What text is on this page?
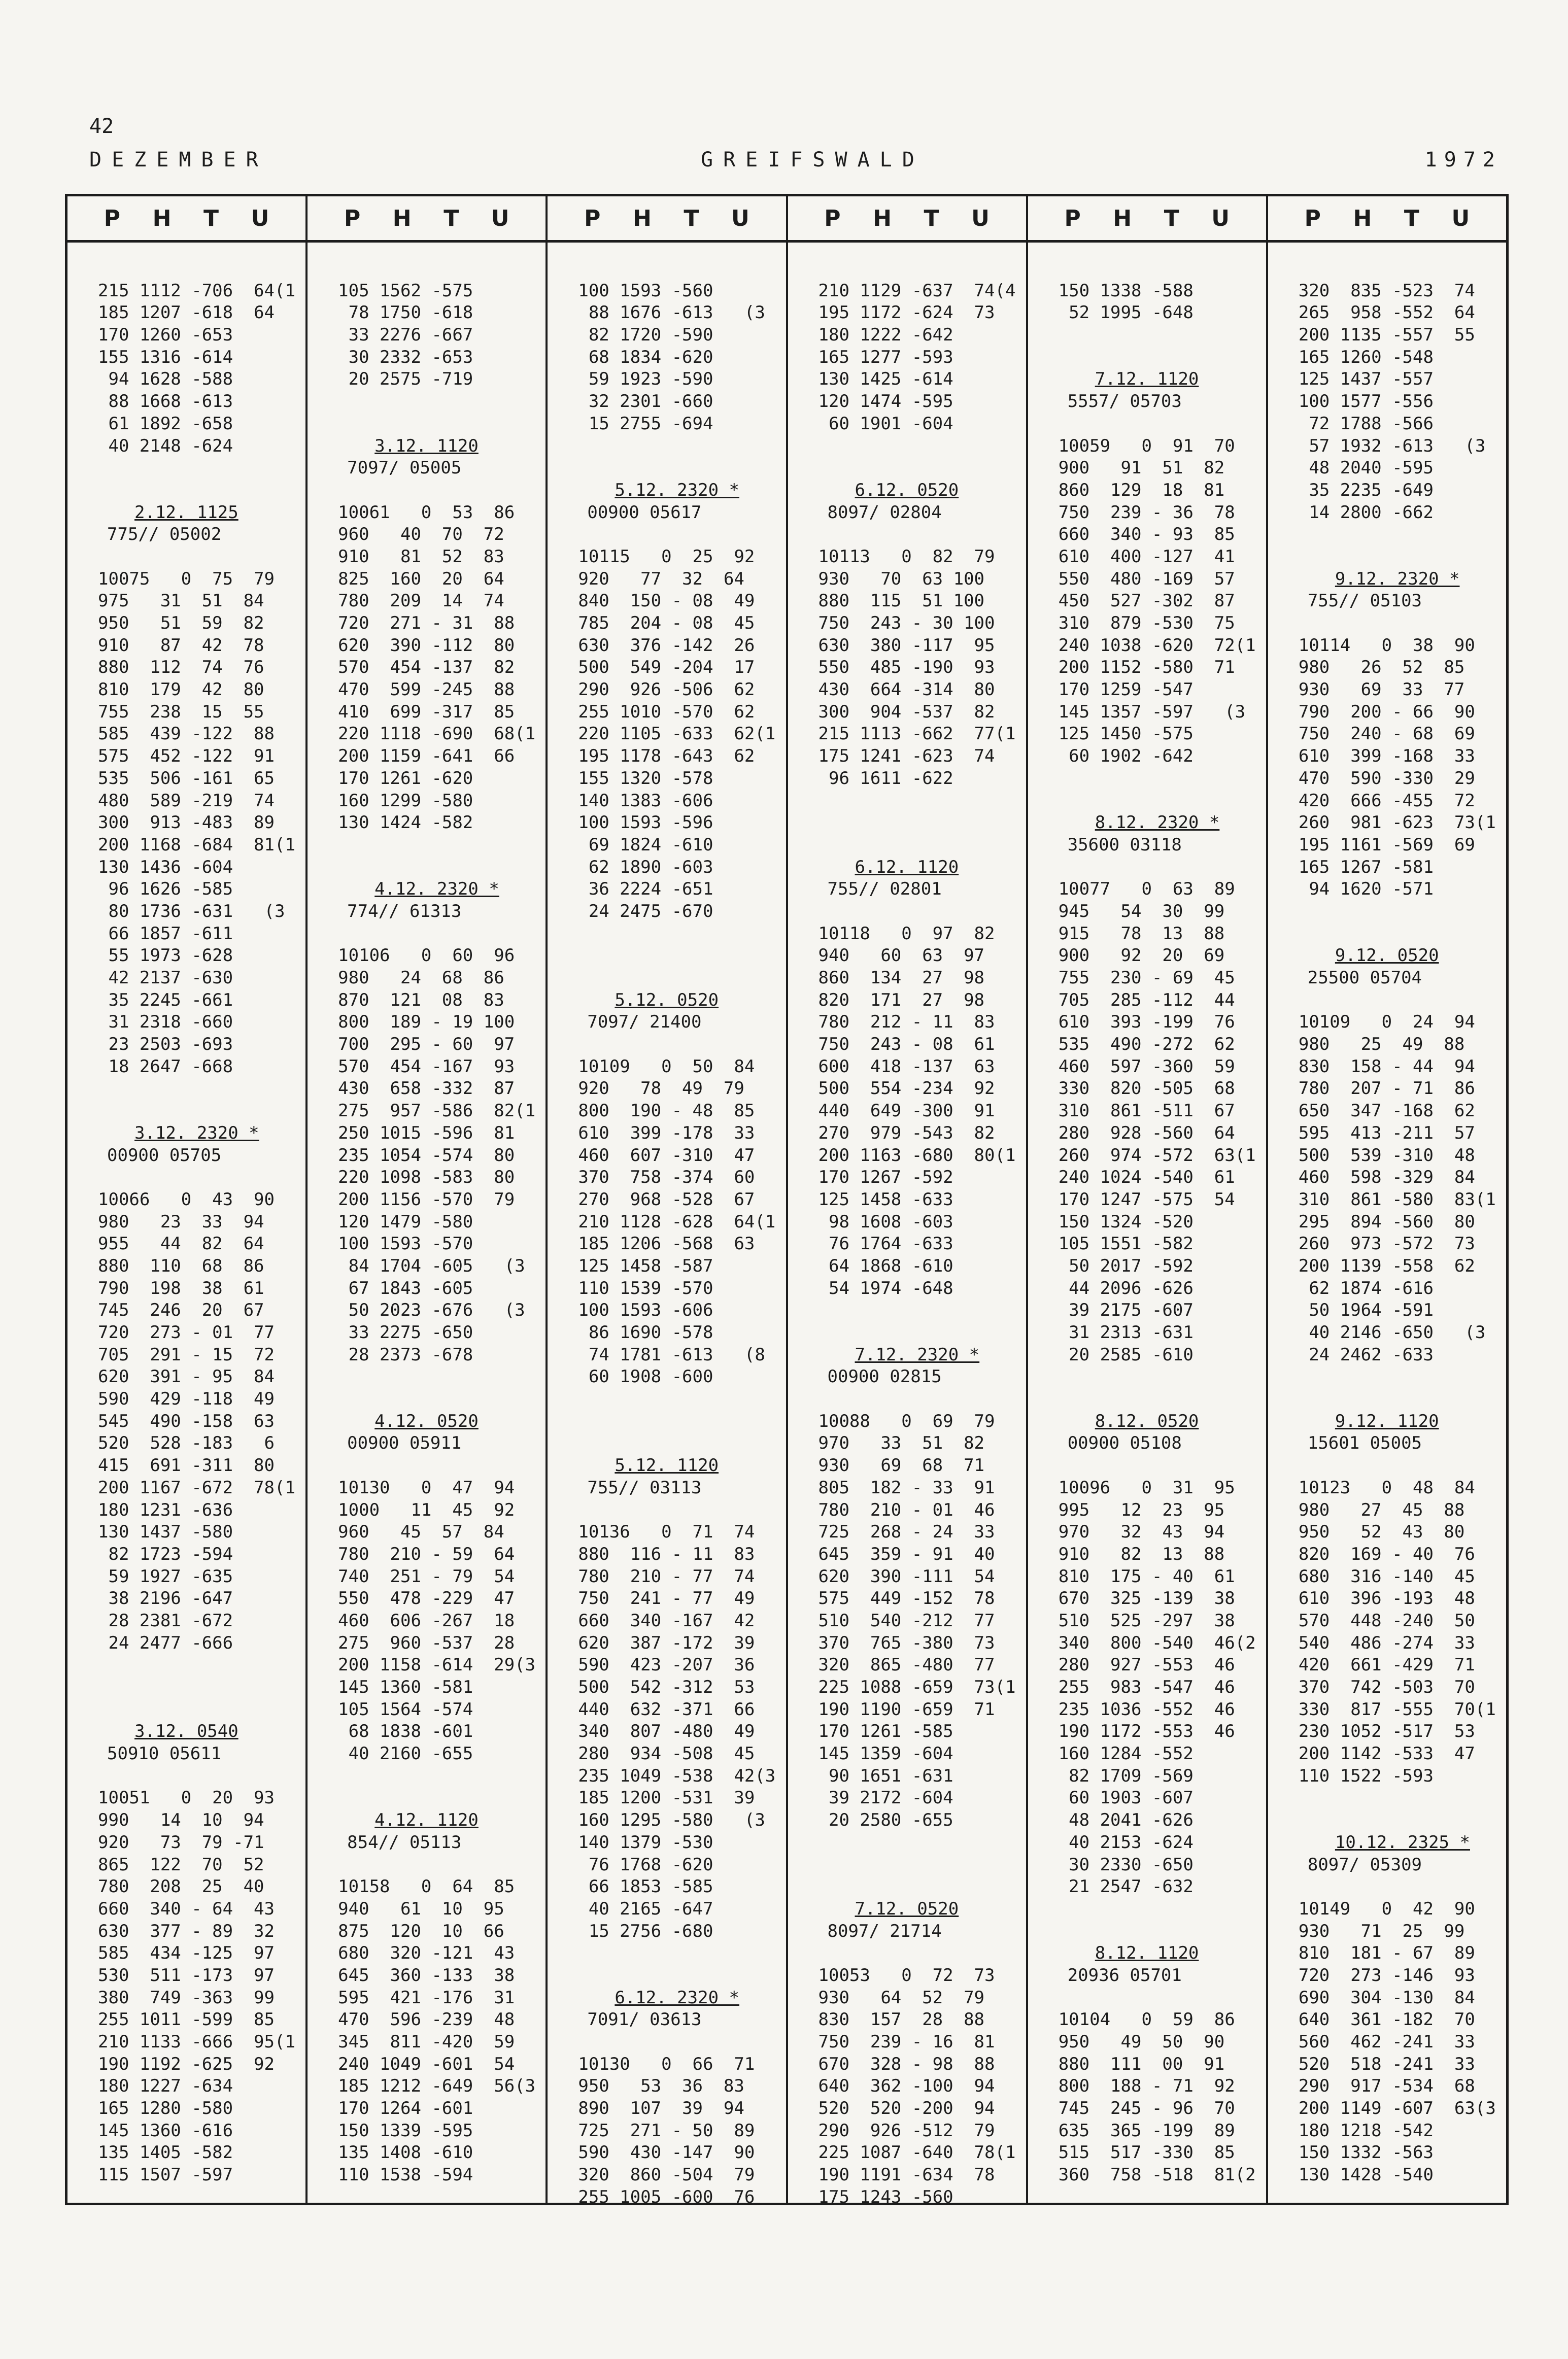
42
DEZEMBER	GREIFSWALD	1972
P H T U
215 1112 -706  64(1
185 1207 -618  64
170 1260 -653
155 1316 -614
94 1628 -588
88 1668 -613
61 1892 -658
40 2148 -624
2.12. 1125
775// 05002
10075   0  75  79
975   31  51  84
950   51  59  82
910   87  42  78
880  112  74  76
810  179  42  80
755  238  15  55
585  439 -122  88
575  452 -122  91
535  506 -161  65
480  589 -219  74
300  913 -483  89
200 1168 -684  81(1
130 1436 -604
96 1626 -585
80 1736 -631   (3
66 1857 -611
55 1973 -628
42 2137 -630
35 2245 -661
31 2318 -660
23 2503 -693
18 2647 -668
3.12. 2320 *
00900 05705
10066   0  43  90
980   23  33  94
955   44  82  64
880  110  68  86
790  198  38  61
745  246  20  67
720  273 - 01  77
705  291 - 15  72
620  391 - 95  84
590  429 -118  49
545  490 -158  63
520  528 -183   6
415  691 -311  80
200 1167 -672  78(1
180 1231 -636
130 1437 -580
82 1723 -594
59 1927 -635
38 2196 -647
28 2381 -672
24 2477 -666
3.12. 0540
50910 05611
10051   0  20  93
990   14  10  94
920   73  79 -71
865  122  70  52
780  208  25  40
660  340 - 64  43
630  377 - 89  32
585  434 -125  97
530  511 -173  97
380  749 -363  99
255 1011 -599  85
210 1133 -666  95(1
190 1192 -625  92
180 1227 -634
165 1280 -580
145 1360 -616
135 1405 -582
115 1507 -597
P H T U
105 1562 -575
78 1750 -618
33 2276 -667
30 2332 -653
20 2575 -719
3.12. 1120
7097/ 05005
10061   0  53  86
960   40  70  72
910   81  52  83
825  160  20  64
780  209  14  74
720  271 - 31  88
620  390 -112  80
570  454 -137  82
470  599 -245  88
410  699 -317  85
220 1118 -690  68(1
200 1159 -641  66
170 1261 -620
160 1299 -580
130 1424 -582
4.12. 2320 *
774// 61313
10106   0  60  96
980   24  68  86
870  121  08  83
800  189 - 19 100
700  295 - 60  97
570  454 -167  93
430  658 -332  87
275  957 -586  82(1
250 1015 -596  81
235 1054 -574  80
220 1098 -583  80
200 1156 -570  79
120 1479 -580
100 1593 -570
84 1704 -605   (3
67 1843 -605
50 2023 -676   (3
33 2275 -650
28 2373 -678
4.12. 0520
00900 05911
10130   0  47  94
1000   11  45  92
960   45  57  84
780  210 - 59  64
740  251 - 79  54
550  478 -229  47
460  606 -267  18
275  960 -537  28
200 1158 -614  29(3
145 1360 -581
105 1564 -574
68 1838 -601
40 2160 -655
4.12. 1120
854// 05113
10158   0  64  85
940   61  10  95
875  120  10  66
680  320 -121  43
645  360 -133  38
595  421 -176  31
470  596 -239  48
345  811 -420  59
240 1049 -601  54
185 1212 -649  56(3
170 1264 -601
150 1339 -595
135 1408 -610
110 1538 -594
P H T U
100 1593 -560
88 1676 -613   (3
82 1720 -590
68 1834 -620
59 1923 -590
32 2301 -660
15 2755 -694
5.12. 2320 *
00900 05617
10115   0  25  92
920   77  32  64
840  150 - 08  49
785  204 - 08  45
630  376 -142  26
500  549 -204  17
290  926 -506  62
255 1010 -570  62
220 1105 -633  62(1
195 1178 -643  62
155 1320 -578
140 1383 -606
100 1593 -596
69 1824 -610
62 1890 -603
36 2224 -651
24 2475 -670
5.12. 0520
7097/ 21400
10109   0  50  84
920   78  49  79
800  190 - 48  85
610  399 -178  33
460  607 -310  47
370  758 -374  60
270  968 -528  67
210 1128 -628  64(1
185 1206 -568  63
125 1458 -587
110 1539 -570
100 1593 -606
86 1690 -578
74 1781 -613   (8
60 1908 -600
5.12. 1120
755// 03113
10136   0  71  74
880  116 - 11  83
780  210 - 77  74
750  241 - 77  49
660  340 -167  42
620  387 -172  39
590  423 -207  36
500  542 -312  53
440  632 -371  66
340  807 -480  49
280  934 -508  45
235 1049 -538  42(3
185 1200 -531  39
160 1295 -580   (3
140 1379 -530
76 1768 -620
66 1853 -585
40 2165 -647
15 2756 -680
6.12. 2320 *
7091/ 03613
10130   0  66  71
950   53  36  83
890  107  39  94
725  271 - 50  89
590  430 -147  90
320  860 -504  79
255 1005 -600  76
P H T U
210 1129 -637  74(4
195 1172 -624  73
180 1222 -642
165 1277 -593
130 1425 -614
120 1474 -595
60 1901 -604
6.12. 0520
8097/ 02804
10113   0  82  79
930   70  63 100
880  115  51 100
750  243 - 30 100
630  380 -117  95
550  485 -190  93
430  664 -314  80
300  904 -537  82
215 1113 -662  77(1
175 1241 -623  74
96 1611 -622
6.12. 1120
755// 02801
10118   0  97  82
940   60  63  97
860  134  27  98
820  171  27  98
780  212 - 11  83
750  243 - 08  61
600  418 -137  63
500  554 -234  92
440  649 -300  91
270  979 -543  82
200 1163 -680  80(1
170 1267 -592
125 1458 -633
98 1608 -603
76 1764 -633
64 1868 -610
54 1974 -648
7.12. 2320 *
00900 02815
10088   0  69  79
970   33  51  82
930   69  68  71
805  182 - 33  91
780  210 - 01  46
725  268 - 24  33
645  359 - 91  40
620  390 -111  54
575  449 -152  78
510  540 -212  77
370  765 -380  73
320  865 -480  77
225 1088 -659  73(1
190 1190 -659  71
170 1261 -585
145 1359 -604
90 1651 -631
39 2172 -604
20 2580 -655
7.12. 0520
8097/ 21714
10053   0  72  73
930   64  52  79
830  157  28  88
750  239 - 16  81
670  328 - 98  88
640  362 -100  94
520  520 -200  94
290  926 -512  79
225 1087 -640  78(1
190 1191 -634  78
175 1243 -560
P H T U
150 1338 -588
52 1995 -648
7.12. 1120
5557/ 05703
10059   0  91  70
900   91  51  82
860  129  18  81
750  239 - 36  78
660  340 - 93  85
610  400 -127  41
550  480 -169  57
450  527 -302  87
310  879 -530  75
240 1038 -620  72(1
200 1152 -580  71
170 1259 -547
145 1357 -597   (3
125 1450 -575
60 1902 -642
8.12. 2320 *
35600 03118
10077   0  63  89
945   54  30  99
915   78  13  88
900   92  20  69
755  230 - 69  45
705  285 -112  44
610  393 -199  76
535  490 -272  62
460  597 -360  59
330  820 -505  68
310  861 -511  67
280  928 -560  64
260  974 -572  63(1
240 1024 -540  61
170 1247 -575  54
150 1324 -520
105 1551 -582
50 2017 -592
44 2096 -626
39 2175 -607
31 2313 -631
20 2585 -610
8.12. 0520
00900 05108
10096   0  31  95
995   12  23  95
970   32  43  94
910   82  13  88
810  175 - 40  61
670  325 -139  38
510  525 -297  38
340  800 -540  46(2
280  927 -553  46
255  983 -547  46
235 1036 -552  46
190 1172 -553  46
160 1284 -552
82 1709 -569
60 1903 -607
48 2041 -626
40 2153 -624
30 2330 -650
21 2547 -632
8.12. 1120
20936 05701
10104   0  59  86
950   49  50  90
880  111  00  91
800  188 - 71  92
745  245 - 96  70
635  365 -199  89
515  517 -330  85
360  758 -518  81(2
P H T U
320  835 -523  74
265  958 -552  64
200 1135 -557  55
165 1260 -548
125 1437 -557
100 1577 -556
72 1788 -566
57 1932 -613   (3
48 2040 -595
35 2235 -649
14 2800 -662
9.12. 2320 *
755// 05103
10114   0  38  90
980   26  52  85
930   69  33  77
790  200 - 66  90
750  240 - 68  69
610  399 -168  33
470  590 -330  29
420  666 -455  72
260  981 -623  73(1
195 1161 -569  69
165 1267 -581
94 1620 -571
9.12. 0520
25500 05704
10109   0  24  94
980   25  49  88
830  158 - 44  94
780  207 - 71  86
650  347 -168  62
595  413 -211  57
500  539 -310  48
460  598 -329  84
310  861 -580  83(1
295  894 -560  80
260  973 -572  73
200 1139 -558  62
62 1874 -616
50 1964 -591
40 2146 -650   (3
24 2462 -633
9.12. 1120
15601 05005
10123   0  48  84
980   27  45  88
950   52  43  80
820  169 - 40  76
680  316 -140  45
610  396 -193  48
570  448 -240  50
540  486 -274  33
420  661 -429  71
370  742 -503  70
330  817 -555  70(1
230 1052 -517  53
200 1142 -533  47
110 1522 -593
10.12. 2325 *
8097/ 05309
10149   0  42  90
930   71  25  99
810  181 - 67  89
720  273 -146  93
690  304 -130  84
640  361 -182  70
560  462 -241  33
520  518 -241  33
290  917 -534  68
200 1149 -607  63(3
180 1218 -542
150 1332 -563
130 1428 -540
